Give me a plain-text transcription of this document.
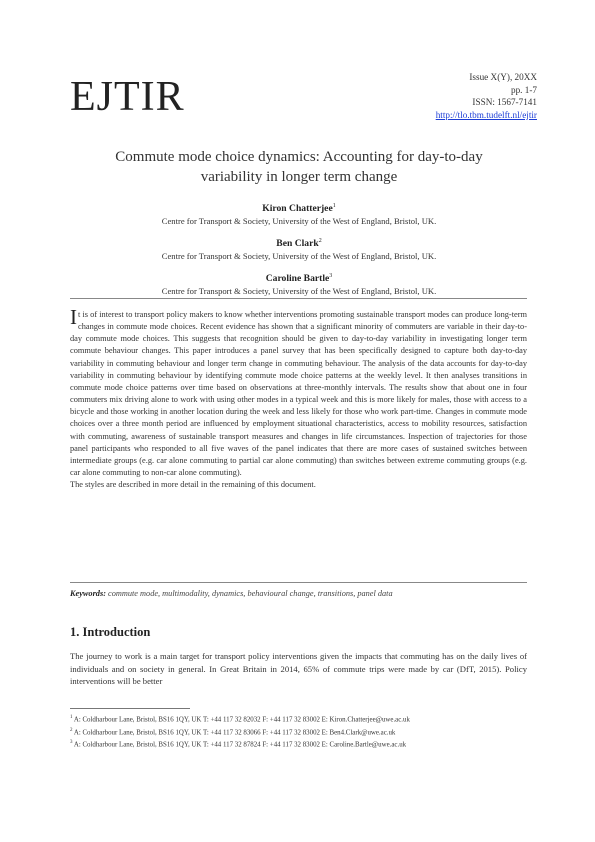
EJTIR	Issue X(Y), 20XX
pp. 1-7
ISSN: 1567-7141
http://tlo.tbm.tudelft.nl/ejtir
Commute mode choice dynamics: Accounting for day-to-day
variability in longer term change
Kiron Chatterjee$^1$
Centre for Transport & Society, University of the West of England, Bristol, UK.
Ben Clark$^2$
Centre for Transport & Society, University of the West of England, Bristol, UK.
Caroline Bartle$^3$
Centre for Transport & Society, University of the West of England, Bristol, UK.

It is of interest to transport policy makers to know whether interventions promoting sustainable transport modes can produce long-term changes in commute mode choices. Recent evidence has shown that a significant minority of commuters are variable in their day-to-day commute mode choices. This suggests that recognition should be given to day-to-day variability in investigating longer term commute behaviour changes. This paper introduces a panel survey that has been specifically designed to capture both day-to-day variability in commuting behaviour and longer term change in commuting behaviour. The analysis of the data accounts for day-to-day variability in commuting behaviour by identifying commute mode choice patterns at the weekly level. It then analyses transitions in commute mode choice patterns over time based on observations at three-monthly intervals. The results show that about one in four commuters mix driving alone to work with using other modes in a typical week and this is more likely for males, those with access to a bicycle and those working in another location during the week and less likely for those who work part-time. Changes in commute mode choices over a three month period are influenced by employment situational characteristics, access to mobility resources, satisfaction with commuting, awareness of sustainable transport measures and changes in life circumstances. Inspection of trajectories for those panel participants who responded to all five waves of the panel indicates that there are more cases of sustained switches between intermediate groups (e.g. car alone commuting to partial car alone commuting) than switches between extreme commuting groups (e.g. car alone commuting to non-car alone commuting).

The styles are described in more detail in the remaining of this document.

Keywords: commute mode, multimodality, dynamics, behavioural change, transitions, panel data
1. Introduction
The journey to work is a main target for transport policy interventions given the impacts that commuting has on the daily lives of individuals and on society in general. In Great Britain in 2014, 65% of commute trips were made by car (DfT, 2015). Policy interventions will be better
$^1$ A: Coldharbour Lane, Bristol, BS16 1QY, UK T: +44 117 32 82032 F: +44 117 32 83002 E: Kiron.Chatterjee@uwe.ac.uk
$^2$ A: Coldharbour Lane, Bristol, BS16 1QY, UK T: +44 117 32 83066 F: +44 117 32 83002 E: Ben4.Clark@uwe.ac.uk
$^3$ A: Coldharbour Lane, Bristol, BS16 1QY, UK T: +44 117 32 87824 F: +44 117 32 83002 E: Caroline.Bartle@uwe.ac.uk
